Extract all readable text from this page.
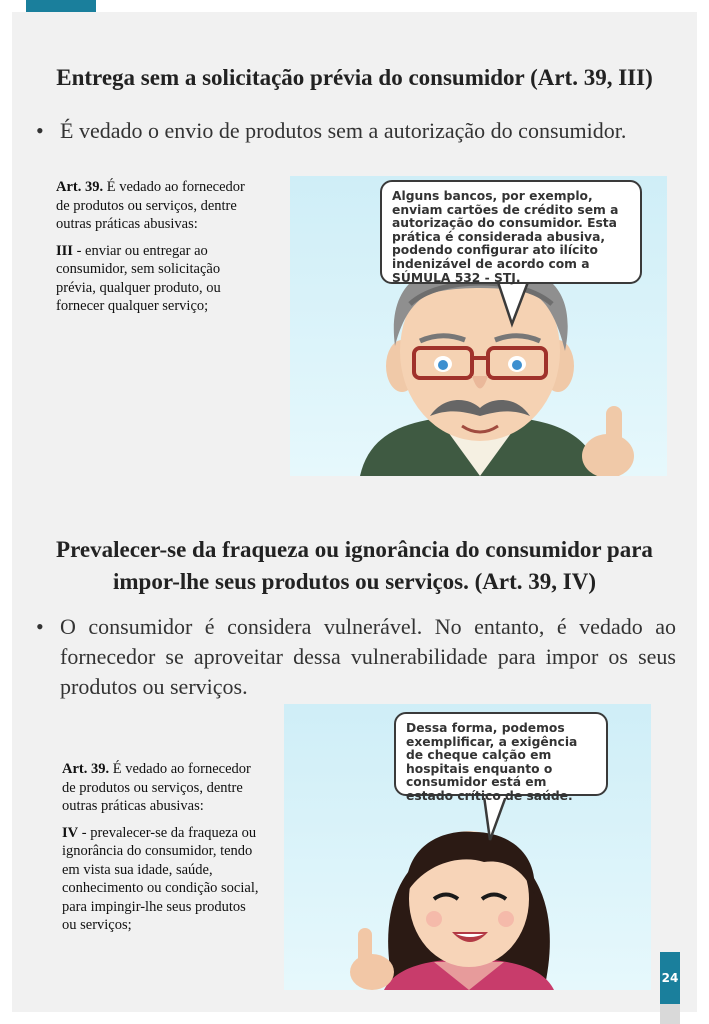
Entrega sem a solicitação prévia do consumidor (Art. 39, III)
• É vedado o envio de produtos sem a autorização do consumidor.

Art. 39. É vedado ao fornecedor de produtos ou serviços, dentre outras práticas abusivas:

III - enviar ou entregar ao consumidor, sem solicitação prévia, qualquer produto, ou fornecer qualquer serviço;

Alguns bancos, por exemplo, enviam cartões de crédito sem a autorização do consumidor. Esta prática é considerada abusiva, podendo configurar ato ilícito indenizável de acordo com a SÚMULA 532 - STJ.
Prevalecer-se da fraqueza ou ignorância do consumidor para
impor-lhe seus produtos ou serviços. (Art. 39, IV)
• O consumidor é considera vulnerável. No entanto, é vedado ao fornecedor se aproveitar dessa vulnerabilidade para impor os seus produtos ou serviços.

Art. 39. É vedado ao fornecedor de produtos ou serviços, dentre outras práticas abusivas:

IV - prevalecer-se da fraqueza ou ignorância do consumidor, tendo em vista sua idade, saúde, conhecimento ou condição social, para impingir-lhe seus produtos ou serviços;

Dessa forma, podemos exemplificar, a exigência de cheque calção em hospitais enquanto o consumidor está em estado crítico de saúde.
24
